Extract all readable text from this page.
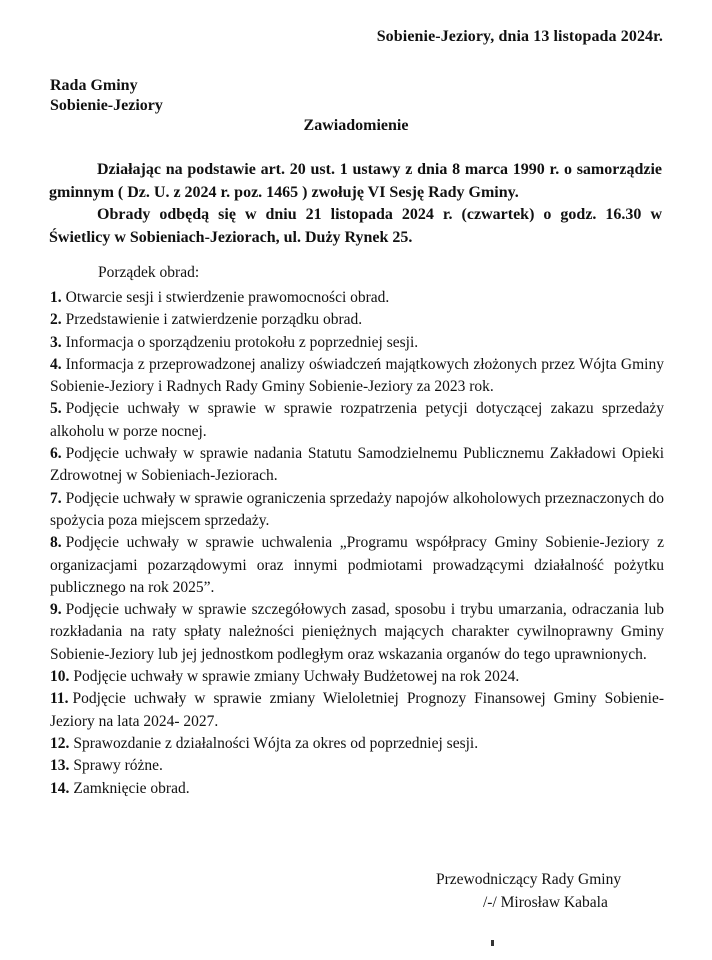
Sobienie-Jeziory, dnia 13 listopada 2024r.
Rada Gminy
Sobienie-Jeziory
Zawiadomienie

Działając na podstawie art. 20 ust. 1 ustawy z dnia 8 marca 1990 r. o samorządzie gminnym ( Dz. U. z 2024 r. poz. 1465 ) zwołuję VI Sesję Rady Gminy.

Obrady odbędą się w dniu 21 listopada 2024 r. (czwartek) o godz. 16.30 w Świetlicy w Sobieniach-Jeziorach, ul. Duży Rynek 25.

Porządek obrad:
1. Otwarcie sesji i stwierdzenie prawomocności obrad.
2. Przedstawienie i zatwierdzenie porządku obrad.
3. Informacja o sporządzeniu protokołu z poprzedniej sesji.
4. Informacja z przeprowadzonej analizy oświadczeń majątkowych złożonych przez Wójta Gminy Sobienie-Jeziory i Radnych Rady Gminy Sobienie-Jeziory za 2023 rok.
5. Podjęcie uchwały w sprawie w sprawie rozpatrzenia petycji dotyczącej zakazu sprzedaży alkoholu w porze nocnej.
6. Podjęcie uchwały w sprawie nadania Statutu Samodzielnemu Publicznemu Zakładowi Opieki Zdrowotnej w Sobieniach-Jeziorach.
7. Podjęcie uchwały w sprawie ograniczenia sprzedaży napojów alkoholowych przeznaczonych do spożycia poza miejscem sprzedaży.
8. Podjęcie uchwały w sprawie uchwalenia „Programu współpracy Gminy Sobienie-Jeziory z organizacjami pozarządowymi oraz innymi podmiotami prowadzącymi działalność pożytku publicznego na rok 2025”.
9. Podjęcie uchwały w sprawie szczegółowych zasad, sposobu i trybu umarzania, odraczania lub rozkładania na raty spłaty należności pieniężnych mających charakter cywilnoprawny Gminy Sobienie-Jeziory lub jej jednostkom podległym oraz wskazania organów do tego uprawnionych.
10. Podjęcie uchwały w sprawie zmiany Uchwały Budżetowej na rok 2024.
11. Podjęcie uchwały w sprawie zmiany Wieloletniej Prognozy Finansowej Gminy Sobienie-Jeziory na lata 2024- 2027.
12. Sprawozdanie z działalności Wójta za okres od poprzedniej sesji.
13. Sprawy różne.
14. Zamknięcie obrad.
Przewodniczący Rady Gminy
/-/ Mirosław Kabala
